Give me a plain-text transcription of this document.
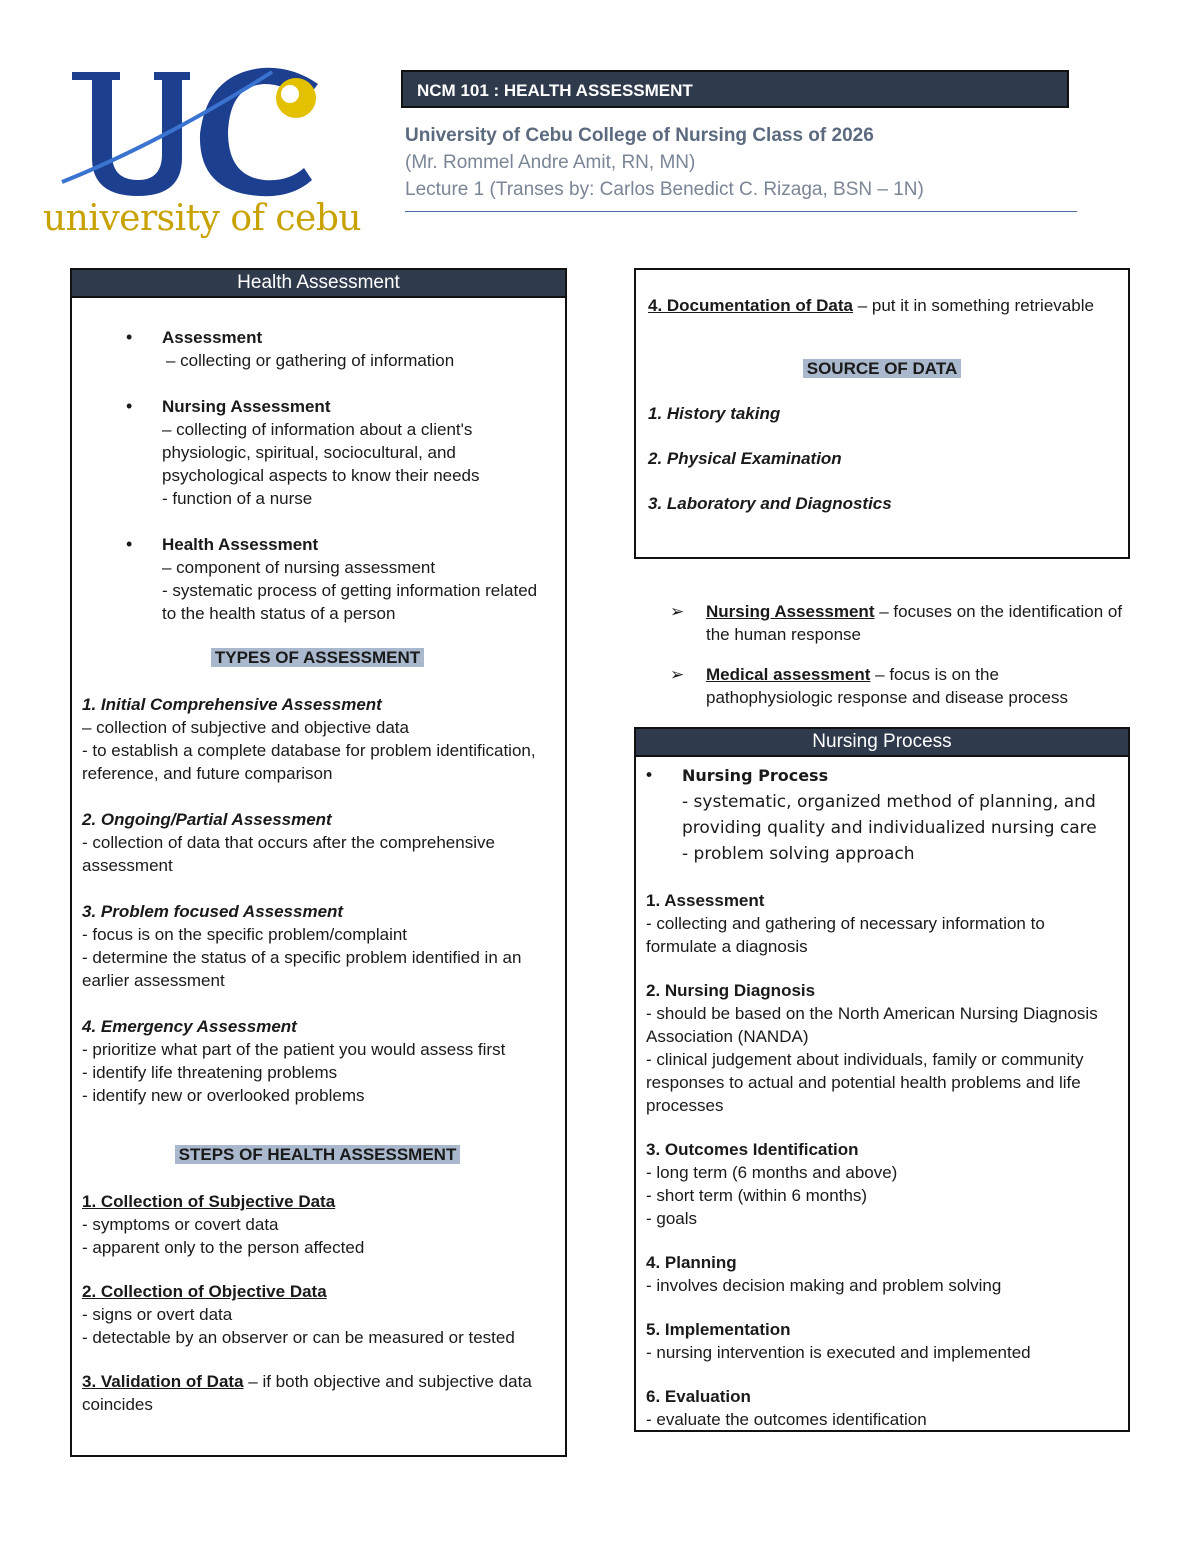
university of cebu
NCM 101 : HEALTH ASSESSMENT
University of Cebu College of Nursing Class of 2026
(Mr. Rommel Andre Amit, RN, MN)
Lecture 1 (Transes by: Carlos Benedict C. Rizaga, BSN – 1N)
Health Assessment
• Assessment
– collecting or gathering of information
• Nursing Assessment
– collecting of information about a client's physiologic, spiritual, sociocultural, and psychological aspects to know their needs
- function of a nurse
• Health Assessment
– component of nursing assessment
- systematic process of getting information related to the health status of a person
TYPES OF ASSESSMENT
1. Initial Comprehensive Assessment
– collection of subjective and objective data
- to establish a complete database for problem identification, reference, and future comparison
2. Ongoing/Partial Assessment
- collection of data that occurs after the comprehensive assessment
3. Problem focused Assessment
- focus is on the specific problem/complaint
- determine the status of a specific problem identified in an earlier assessment
4. Emergency Assessment
- prioritize what part of the patient you would assess first
- identify life threatening problems
- identify new or overlooked problems
STEPS OF HEALTH ASSESSMENT
1. Collection of Subjective Data
- symptoms or covert data
- apparent only to the person affected
2. Collection of Objective Data
- signs or overt data
- detectable by an observer or can be measured or tested
3. Validation of Data – if both objective and subjective data coincides
4. Documentation of Data – put it in something retrievable
SOURCE OF DATA
1. History taking
2. Physical Examination
3. Laboratory and Diagnostics
➢ Nursing Assessment – focuses on the identification of the human response
➢ Medical assessment – focus is on the pathophysiologic response and disease process
Nursing Process
• Nursing Process
- systematic, organized method of planning, and providing quality and individualized nursing care
- problem solving approach
1. Assessment
- collecting and gathering of necessary information to formulate a diagnosis
2. Nursing Diagnosis
- should be based on the North American Nursing Diagnosis Association (NANDA)
- clinical judgement about individuals, family or community responses to actual and potential health problems and life processes
3. Outcomes Identification
- long term (6 months and above)
- short term (within 6 months)
- goals
4. Planning
- involves decision making and problem solving
5. Implementation
- nursing intervention is executed and implemented
6. Evaluation
- evaluate the outcomes identification
